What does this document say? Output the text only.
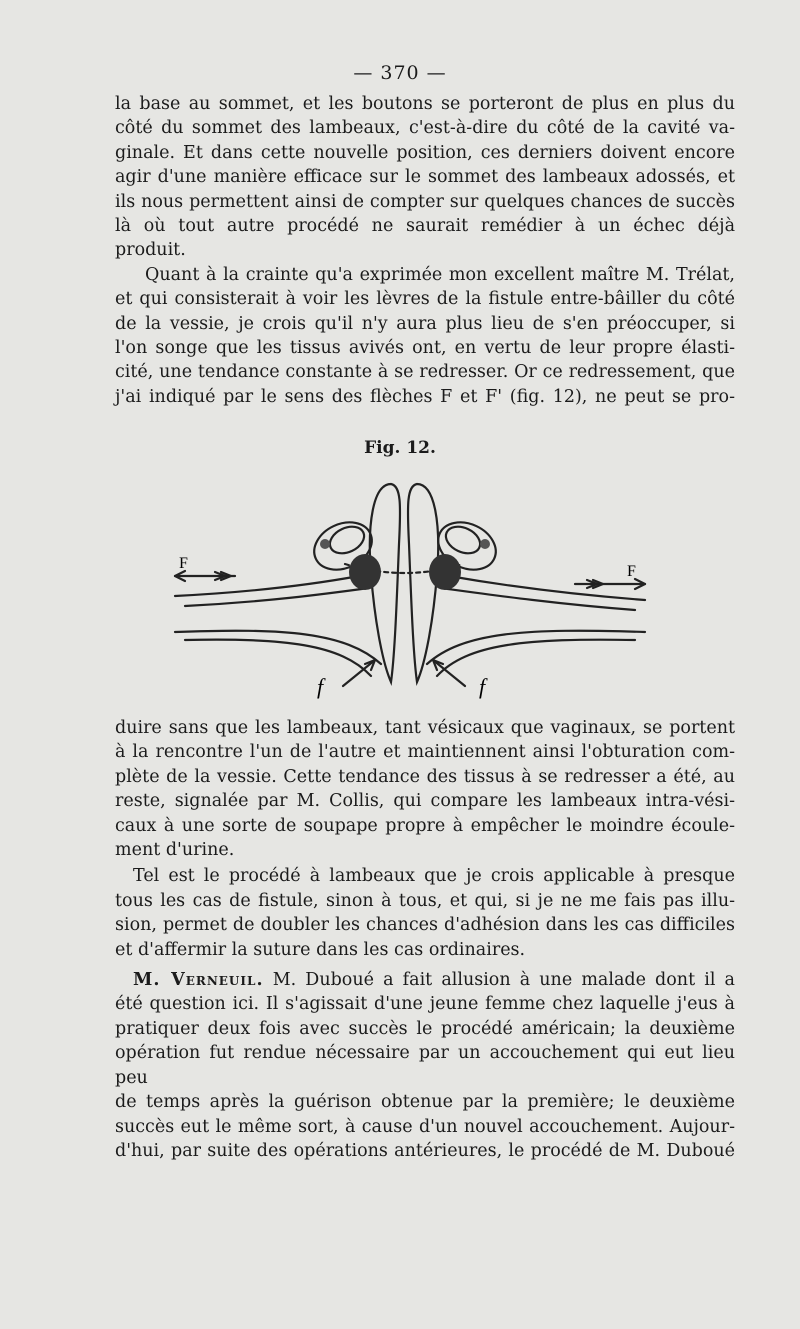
— 370 —

la base au sommet, et les boutons se porteront de plus en plus du
côté du sommet des lambeaux, c'est-à-dire du côté de la cavité va-
ginale. Et dans cette nouvelle position, ces derniers doivent encore
agir d'une manière efficace sur le sommet des lambeaux adossés, et
ils nous permettent ainsi de compter sur quelques chances de succès
là où tout autre procédé ne saurait remédier à un échec déjà
produit.

Quant à la crainte qu'a exprimée mon excellent maître M. Trélat,
et qui consisterait à voir les lèvres de la fistule entre-bâiller du côté
de la vessie, je crois qu'il n'y aura plus lieu de s'en préoccuper, si
l'on songe que les tissus avivés ont, en vertu de leur propre élasti-
cité, une tendance constante à se redresser. Or ce redressement, que
j'ai indiqué par le sens des flèches F et F' (fig. 12), ne peut se pro-

Fig. 12.
F	F
f	f

duire sans que les lambeaux, tant vésicaux que vaginaux, se portent
à la rencontre l'un de l'autre et maintiennent ainsi l'obturation com-
plète de la vessie. Cette tendance des tissus à se redresser a été, au
reste, signalée par M. Collis, qui compare les lambeaux intra-vési-
caux à une sorte de soupape propre à empêcher le moindre écoule-
ment d'urine.

Tel est le procédé à lambeaux que je crois applicable à presque
tous les cas de fistule, sinon à tous, et qui, si je ne me fais pas illu-
sion, permet de doubler les chances d'adhésion dans les cas difficiles
et d'affermir la suture dans les cas ordinaires.

M. Verneuil. M. Duboué a fait allusion à une malade dont il a
été question ici. Il s'agissait d'une jeune femme chez laquelle j'eus à
pratiquer deux fois avec succès le procédé américain; la deuxième
opération fut rendue nécessaire par un accouchement qui eut lieu peu
de temps après la guérison obtenue par la première; le deuxième
succès eut le même sort, à cause d'un nouvel accouchement. Aujour-
d'hui, par suite des opérations antérieures, le procédé de M. Duboué
